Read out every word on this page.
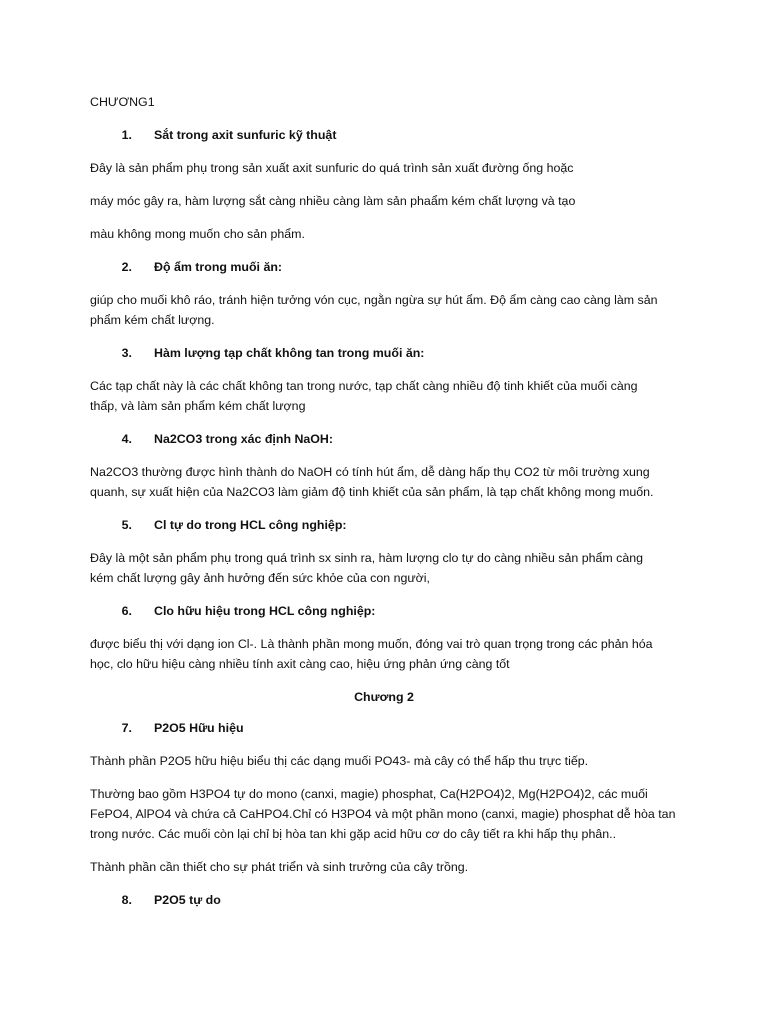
CHƯƠNG1

1. Sắt trong axit sunfuric kỹ thuật

Đây là sản phẩm phụ trong sản xuất axit sunfuric do quá trình sản xuất đường ống hoặc

máy móc gây ra, hàm lượng sắt càng nhiều càng làm sản phaẩm kém chất lượng và tạo

màu không mong muốn cho sản phẩm.

2. Độ ẩm trong muối ăn:

giúp cho muối khô ráo, tránh hiện tưởng vón cục, ngằn ngừa sự hút ẩm. Độ ẩm càng cao càng làm sản

phẩm kém chất lượng.

3. Hàm lượng tạp chất không tan trong muối ăn:

Các tạp chất này là các chất không tan trong nước, tạp chất càng nhiều độ tinh khiết của muối càng

thấp, và làm sản phẩm kém chất lượng

4. Na2CO3 trong xác định NaOH:

Na2CO3 thường được hình thành do NaOH có tính hút ẩm, dễ dàng hấp thụ CO2 từ môi trường xung

quanh, sự xuất hiện của Na2CO3 làm giảm độ tinh khiết của sản phẩm, là tạp chất không mong muốn.

5. Cl tự do trong HCL công nghiệp:

Đây là một sản phẩm phụ trong quá trình sx sinh ra, hàm lượng clo tự do càng nhiều sản phẩm càng

kém chất lượng gây ảnh hưởng đến sức khỏe của con người,

6. Clo hữu hiệu trong HCL công nghiệp:

được biểu thị với dạng ion Cl-. Là thành phần mong muốn, đóng vai trò quan trọng trong các phản hóa

học, clo hữu hiệu càng nhiều tính axit càng cao, hiệu ứng phản ứng càng tốt

Chương 2

7. P2O5 Hữu hiệu

Thành phần P2O5 hữu hiệu biểu thị các dạng muối PO43- mà cây có thể hấp thu trực tiếp.

Thường bao gồm H3PO4 tự do mono (canxi, magie) phosphat, Ca(H2PO4)2, Mg(H2PO4)2, các muối

FePO4, AlPO4 và chứa cả CaHPO4.Chỉ có H3PO4 và một phần mono (canxi, magie) phosphat dễ hòa tan

trong nước. Các muối còn lại chỉ bị hòa tan khi gặp acid hữu cơ do cây tiết ra khi hấp thụ phân..

Thành phần cần thiết cho sự phát triển và sinh trưởng của cây trồng.

8. P2O5 tự do
